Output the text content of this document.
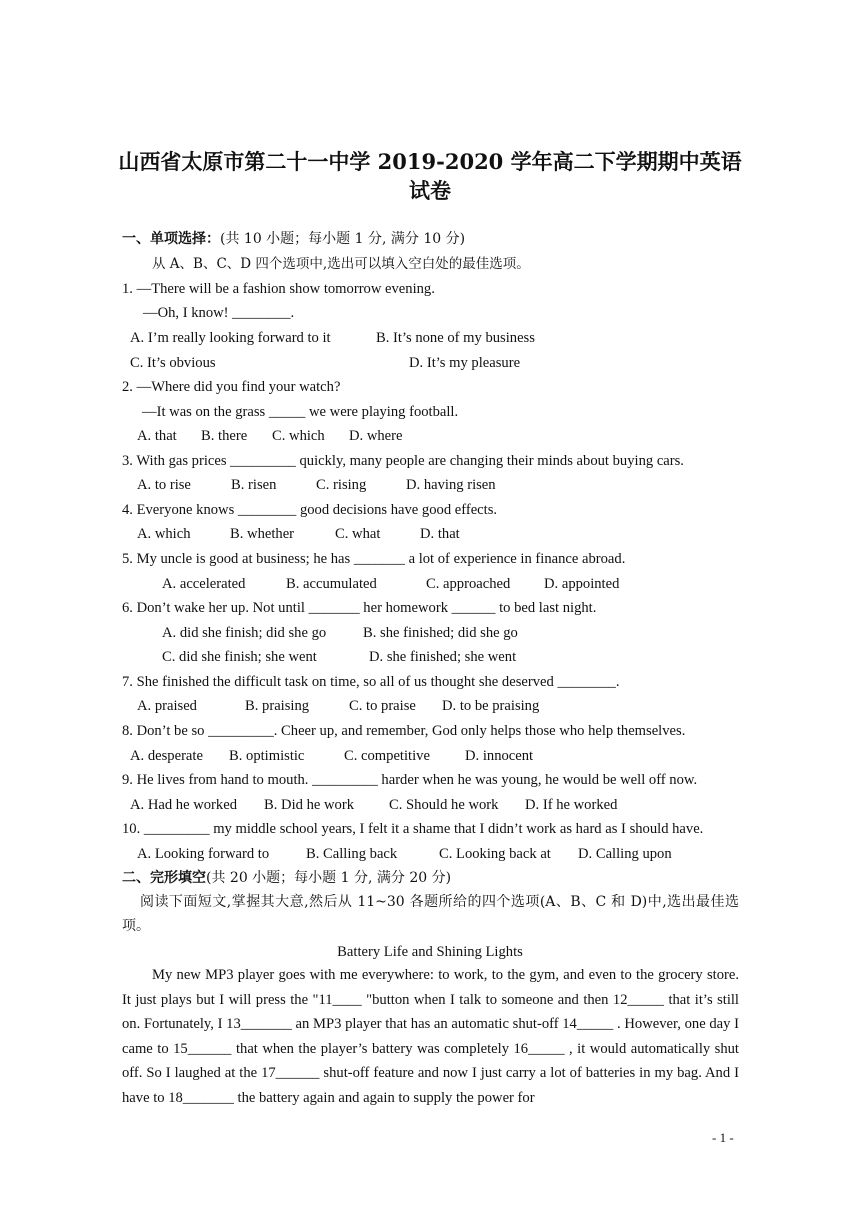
山西省太原市第二十一中学 2019-2020 学年高二下学期期中英语
试卷
一、单项选择：(共 10 小题；每小题 1 分, 满分 10 分)
从 A、B、C、D 四个选项中,选出可以填入空白处的最佳选项。
1. —There will be a fashion show tomorrow evening.
—Oh, I know! ________.
A. I’m really looking forward to it	B. It’s none of my business
C. It’s obvious	D. It’s my pleasure
2. —Where did you find your watch?
—It was on the grass _____ we were playing football.
A. that B. there C. which D. where
3. With gas prices _________ quickly, many people are changing their minds about buying cars.
A. to rise	B. risen	C. rising	D. having risen
4. Everyone knows ________ good decisions have good effects.
A. which	B. whether	C. what	D. that
5. My uncle is good at business; he has _______ a lot of experience in finance abroad.
A. accelerated	B. accumulated	C. approached D. appointed
6. Don’t wake her up. Not until _______ her homework ______ to bed last night.
A. did she finish; did she go	B. she finished; did she go
C. did she finish; she went	D. she finished; she went
7. She finished the difficult task on time, so all of us thought she deserved ________.
A. praised	B. praising	C. to praise D. to be praising
8. Don’t be so _________. Cheer up, and remember, God only helps those who help themselves.
A. desperate B. optimistic	C. competitive D. innocent
9. He lives from hand to mouth. _________ harder when he was young, he would be well off now.
A. Had he worked B. Did he work C. Should he work D. If he worked
10. _________ my middle school years, I felt it a shame that I didn’t work as hard as I should have.
A. Looking forward to	B. Calling back	C. Looking back at D. Calling upon
二、完形填空(共 20 小题；每小题 1 分, 满分 20 分)
阅读下面短文,掌握其大意,然后从 11~30 各题所给的四个选项(A、B、C 和 D)中,选出最佳选项。
Battery Life and Shining Lights
My new MP3 player goes with me everywhere: to work, to the gym, and even to the grocery store. It just plays but I will press the "11____ "button when I talk to someone and then 12_____ that it’s still on. Fortunately, I 13_______ an MP3 player that has an automatic shut-off 14_____ . However, one day I came to 15______ that when the player’s battery was completely 16_____ , it would automatically shut off. So I laughed at the 17______ shut-off feature and now I just carry a lot of batteries in my bag. And I have to 18_______ the battery again and again to supply the power for
- 1 -
